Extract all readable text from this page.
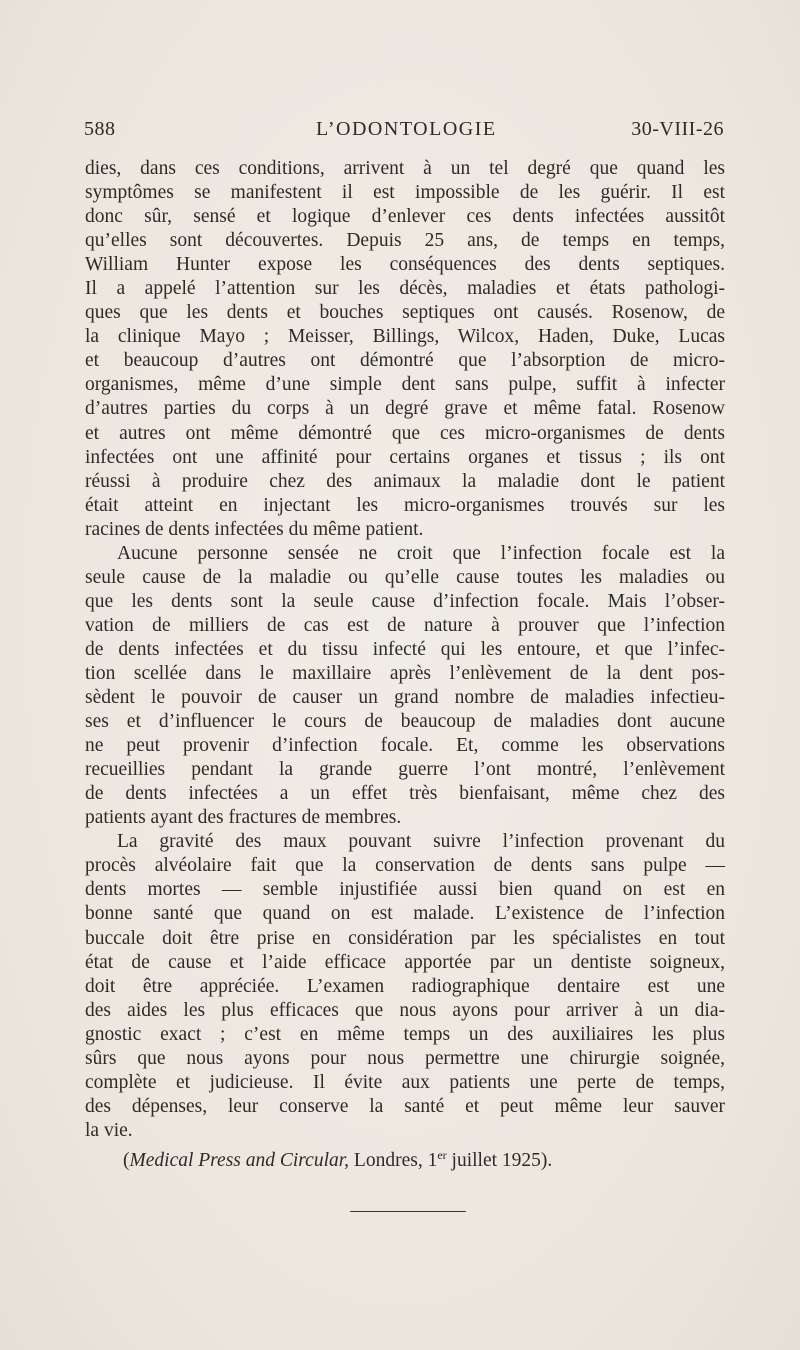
588	L’ODONTOLOGIE	30-VIII-26
dies, dans ces conditions, arrivent à un tel degré que quand les
symptômes se manifestent il est impossible de les guérir. Il est
donc sûr, sensé et logique d’enlever ces dents infectées aussitôt
qu’elles sont découvertes. Depuis 25 ans, de temps en temps,
William Hunter expose les conséquences des dents septiques.
Il a appelé l’attention sur les décès, maladies et états pathologi-
ques que les dents et bouches septiques ont causés. Rosenow, de
la clinique Mayo ; Meisser, Billings, Wilcox, Haden, Duke, Lucas
et beaucoup d’autres ont démontré que l’absorption de micro-
organismes, même d’une simple dent sans pulpe, suffit à infecter
d’autres parties du corps à un degré grave et même fatal. Rosenow
et autres ont même démontré que ces micro-organismes de dents
infectées ont une affinité pour certains organes et tissus ; ils ont
réussi à produire chez des animaux la maladie dont le patient
était atteint en injectant les micro-organismes trouvés sur les
racines de dents infectées du même patient.
Aucune personne sensée ne croit que l’infection focale est la
seule cause de la maladie ou qu’elle cause toutes les maladies ou
que les dents sont la seule cause d’infection focale. Mais l’obser-
vation de milliers de cas est de nature à prouver que l’infection
de dents infectées et du tissu infecté qui les entoure, et que l’infec-
tion scellée dans le maxillaire après l’enlèvement de la dent pos-
sèdent le pouvoir de causer un grand nombre de maladies infectieu-
ses et d’influencer le cours de beaucoup de maladies dont aucune
ne peut provenir d’infection focale. Et, comme les observations
recueillies pendant la grande guerre l’ont montré, l’enlèvement
de dents infectées a un effet très bienfaisant, même chez des
patients ayant des fractures de membres.
La gravité des maux pouvant suivre l’infection provenant du
procès alvéolaire fait que la conservation de dents sans pulpe —
dents mortes — semble injustifiée aussi bien quand on est en
bonne santé que quand on est malade. L’existence de l’infection
buccale doit être prise en considération par les spécialistes en tout
état de cause et l’aide efficace apportée par un dentiste soigneux,
doit être appréciée. L’examen radiographique dentaire est une
des aides les plus efficaces que nous ayons pour arriver à un dia-
gnostic exact ; c’est en même temps un des auxiliaires les plus
sûrs que nous ayons pour nous permettre une chirurgie soignée,
complète et judicieuse. Il évite aux patients une perte de temps,
des dépenses, leur conserve la santé et peut même leur sauver
la vie.
(Medical Press and Circular, Londres, 1er juillet 1925).
